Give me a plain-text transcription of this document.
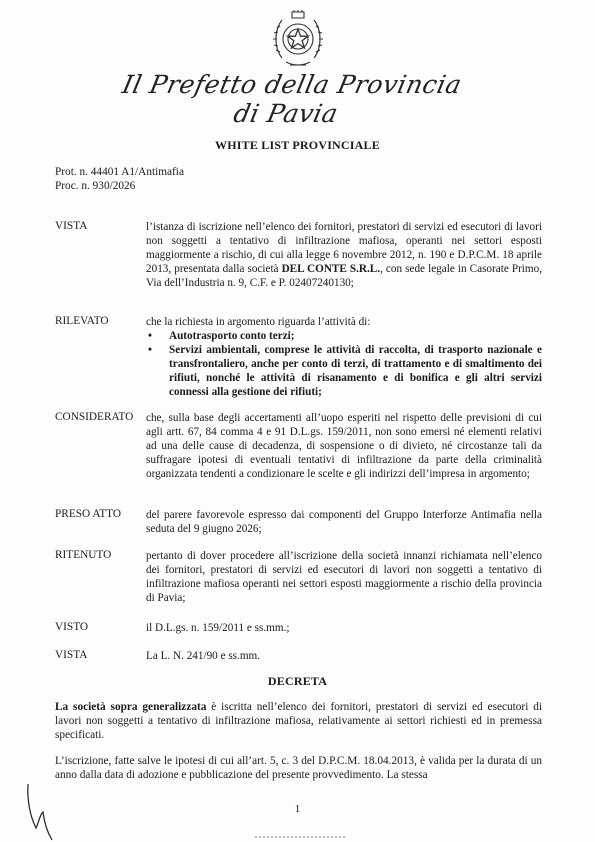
Il Prefetto della Provincia di Pavia
WHITE LIST PROVINCIALE
Prot. n. 44401 A1/Antimafia
Proc. n. 930/2026
VISTA	l’istanza di iscrizione nell’elenco dei fornitori, prestatori di servizi ed esecutori di lavori non soggetti a tentativo di infiltrazione mafiosa, operanti nei settori esposti maggiormente a rischio, di cui alla legge 6 novembre 2012, n. 190 e D.P.C.M. 18 aprile 2013, presentata dalla società DEL CONTE S.R.L., con sede legale in Casorate Primo, Via dell’Industria n. 9, C.F. e P. 02407240130;
RILEVATO	che la richiesta in argomento riguarda l’attività di:
• Autotrasporto conto terzi;
• Servizi ambientali, comprese le attività di raccolta, di trasporto nazionale e transfrontaliero, anche per conto di terzi, di trattamento e di smaltimento dei rifiuti, nonché le attività di risanamento e di bonifica e gli altri servizi connessi alla gestione dei rifiuti;
CONSIDERATO che, sulla base degli accertamenti all’uopo esperiti nel rispetto delle previsioni di cui agli artt. 67, 84 comma 4 e 91 D.L.gs. 159/2011, non sono emersi né elementi relativi ad una delle cause di decadenza, di sospensione o di divieto, né circostanze tali da suffragare ipotesi di eventuali tentativi di infiltrazione da parte della criminalità organizzata tendenti a condizionare le scelte e gli indirizzi dell’impresa in argomento;
PRESO ATTO del parere favorevole espresso dai componenti del Gruppo Interforze Antimafia nella seduta del 9 giugno 2026;
RITENUTO	pertanto di dover procedere all’iscrizione della società innanzi richiamata nell’elenco dei fornitori, prestatori di servizi ed esecutori di lavori non soggetti a tentativo di infiltrazione mafiosa operanti nei settori esposti maggiormente a rischio della provincia di Pavia;
VISTO	il D.L.gs. n. 159/2011 e ss.mm.;
VISTA	La L. N. 241/90 e ss.mm.
DECRETA
La società sopra generalizzata è iscritta nell’elenco dei fornitori, prestatori di servizi ed esecutori di lavori non soggetti a tentativo di infiltrazione mafiosa, relativamente ai settori richiesti ed in premessa specificati.
L’iscrizione, fatte salve le ipotesi di cui all’art. 5, c. 3 del D.P.C.M. 18.04.2013, è valida per la durata di un anno dalla data di adozione e pubblicazione del presente provvedimento. La stessa
1
